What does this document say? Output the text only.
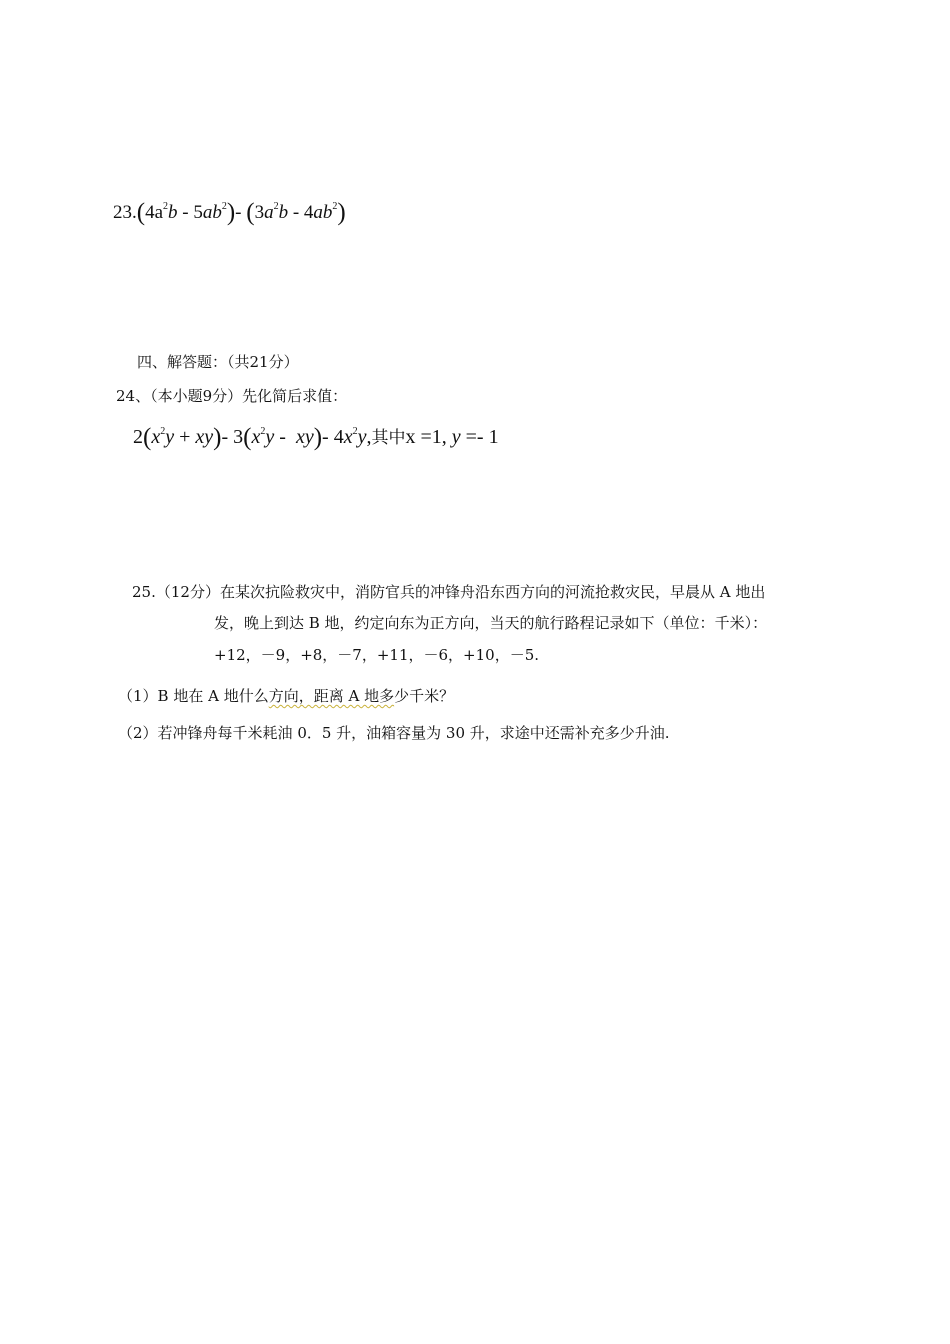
$23.(4a^2b - 5ab^2)-$ $(3a^2b - 4ab^2)$
四、解答题：（共21分）
24、（本小题9分）先化简后求值：
$2(x^2y + xy)-$ $3(x^2y - xy)-$ $4x^2y$,其中x =1, y =- 1
25.（12分）在某次抗险救灾中，消防官兵的冲锋舟沿东西方向的河流抢救灾民，早晨从 A 地出
发，晚上到达 B 地，约定向东为正方向，当天的航行路程记录如下（单位：千米）：
+12，－9，+8，－7，+11，－6，+10，－5.
（1）B 地在 A 地什么方向，距离 A 地多少千米？
（2）若冲锋舟每千米耗油 0．5 升，油箱容量为 30 升，求途中还需补充多少升油.
